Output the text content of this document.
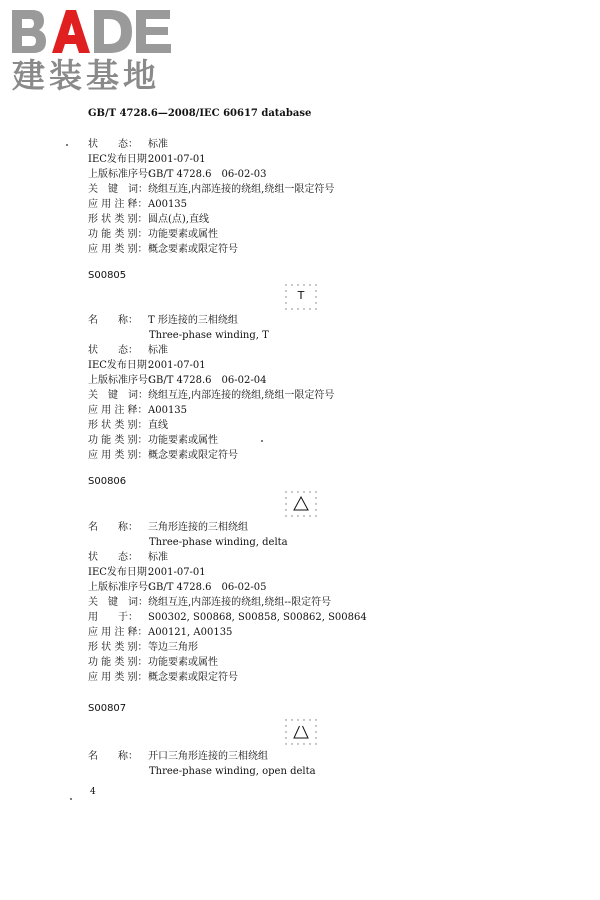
建装基地
GB/T 4728.6—2008/IEC 60617 database
状　　态： 标准
IEC发布日期：2001-07-01
上版标准序号：GB/T 4728.6　06-02-03
关　键　词：绕组互连,内部连接的绕组,绕组一限定符号
应 用 注 释：A00135
形 状 类 别：圆点(点),直线
功 能 类 别：功能要素或属性
应 用 类 别：概念要素或限定符号
S00805
T
名　　称： T 形连接的三相绕组
Three-phase winding, T
状　　态： 标准
IEC发布日期：2001-07-01
上版标准序号：GB/T 4728.6　06-02-04
关　键　词：绕组互连,内部连接的绕组,绕组一限定符号
应 用 注 释：A00135
形 状 类 别：直线
功 能 类 别：功能要素或属性
应 用 类 别：概念要素或限定符号
S00806
名　　称： 三角形连接的三相绕组
Three-phase winding, delta
状　　态： 标准
IEC发布日期：2001-07-01
上版标准序号：GB/T 4728.6　06-02-05
关　键　词：绕组互连,内部连接的绕组,绕组--限定符号
用　　于： S00302, S00868, S00858, S00862, S00864
应 用 注 释：A00121, A00135
形 状 类 别：等边三角形
功 能 类 别：功能要素或属性
应 用 类 别：概念要素或限定符号
S00807
名　　称： 开口三角形连接的三相绕组
Three-phase winding, open delta
4
